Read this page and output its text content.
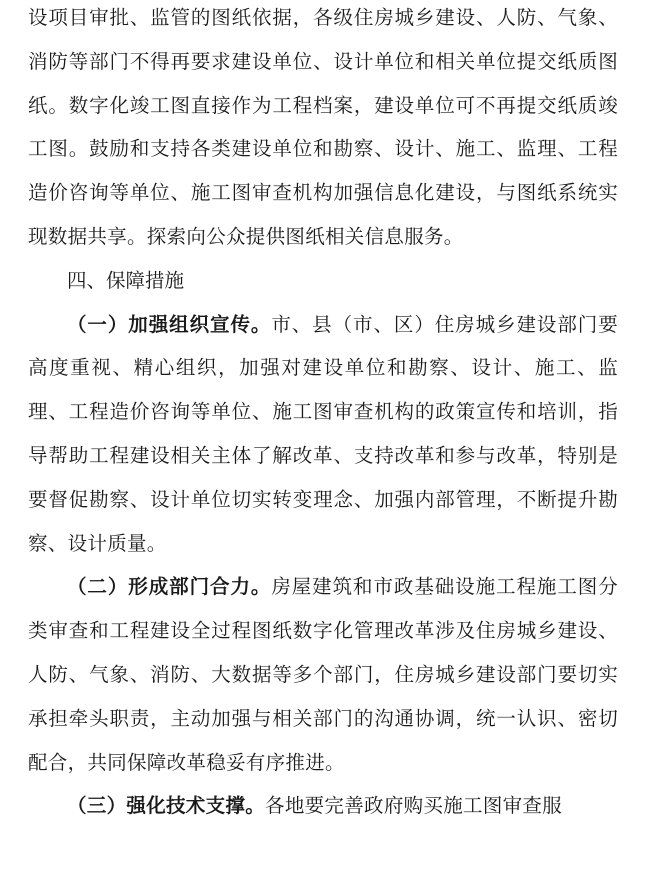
设项目审批、监管的图纸依据，各级住房城乡建设、人防、气象、消防等部门不得再要求建设单位、设计单位和相关单位提交纸质图纸。数字化竣工图直接作为工程档案，建设单位可不再提交纸质竣工图。鼓励和支持各类建设单位和勘察、设计、施工、监理、工程造价咨询等单位、施工图审查机构加强信息化建设，与图纸系统实现数据共享。探索向公众提供图纸相关信息服务。

四、保障措施

（一）加强组织宣传。市、县（市、区）住房城乡建设部门要高度重视、精心组织，加强对建设单位和勘察、设计、施工、监理、工程造价咨询等单位、施工图审查机构的政策宣传和培训，指导帮助工程建设相关主体了解改革、支持改革和参与改革，特别是要督促勘察、设计单位切实转变理念、加强内部管理，不断提升勘察、设计质量。

（二）形成部门合力。房屋建筑和市政基础设施工程施工图分类审查和工程建设全过程图纸数字化管理改革涉及住房城乡建设、人防、气象、消防、大数据等多个部门，住房城乡建设部门要切实承担牵头职责，主动加强与相关部门的沟通协调，统一认识、密切配合，共同保障改革稳妥有序推进。

（三）强化技术支撑。各地要完善政府购买施工图审查服
